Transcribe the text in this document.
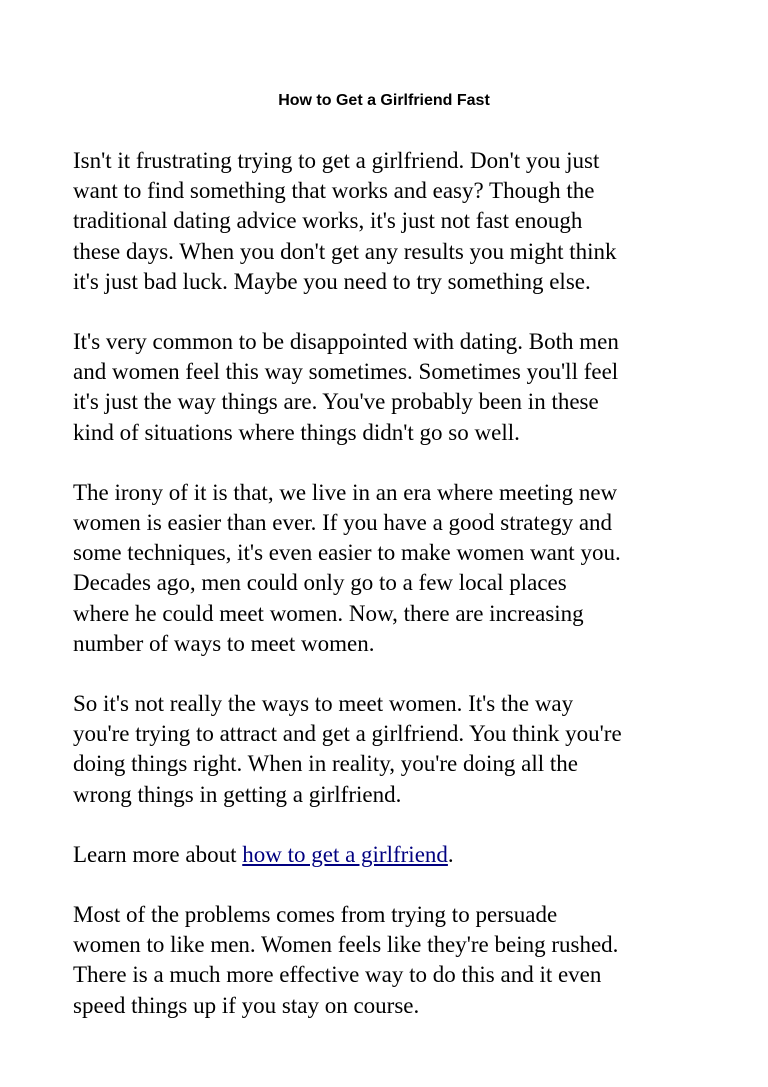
How to Get a Girlfriend Fast

Isn't it frustrating trying to get a girlfriend. Don't you just
want to find something that works and easy? Though the
traditional dating advice works, it's just not fast enough
these days. When you don't get any results you might think
it's just bad luck. Maybe you need to try something else.

It's very common to be disappointed with dating. Both men
and women feel this way sometimes. Sometimes you'll feel
it's just the way things are. You've probably been in these
kind of situations where things didn't go so well.

The irony of it is that, we live in an era where meeting new
women is easier than ever. If you have a good strategy and
some techniques, it's even easier to make women want you.
Decades ago, men could only go to a few local places
where he could meet women. Now, there are increasing
number of ways to meet women.

So it's not really the ways to meet women. It's the way
you're trying to attract and get a girlfriend. You think you're
doing things right. When in reality, you're doing all the
wrong things in getting a girlfriend.

Learn more about how to get a girlfriend.

Most of the problems comes from trying to persuade
women to like men. Women feels like they're being rushed.
There is a much more effective way to do this and it even
speed things up if you stay on course.
